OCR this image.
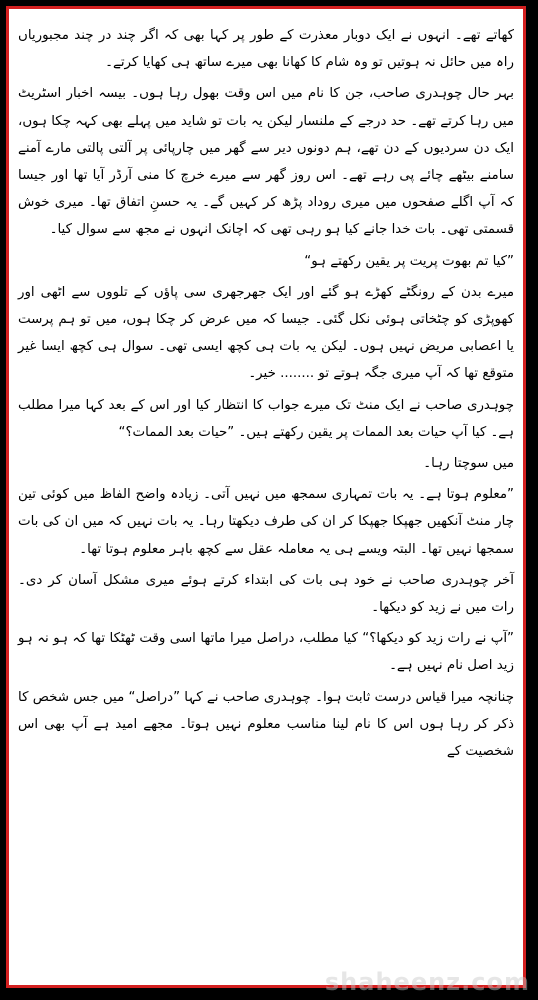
کھاتے تھے۔ انہوں نے ایک دوبار معذرت کے طور پر کہا بھی کہ اگر چند در چند مجبوریاں راہ میں حائل نہ ہوتیں تو وہ شام کا کھانا بھی میرے ساتھ ہی کھایا کرتے۔

بہر حال چوہدری صاحب، جن کا نام میں اس وقت بھول رہا ہوں۔ بیسہ اخبار اسٹریٹ میں رہا کرتے تھے۔ حد درجے کے ملنسار لیکن یہ بات تو شاید میں پہلے بھی کہہ چکا ہوں، ایک دن سردیوں کے دن تھے، ہم دونوں دیر سے گھر میں چارپائی پر آلتی پالتی مارے آمنے سامنے بیٹھے چائے پی رہے تھے۔ اس روز گھر سے میرے خرچ کا منی آرڈر آیا تھا اور جیسا کہ آپ اگلے صفحوں میں میری روداد پڑھ کر کہیں گے۔ یہ حسنِ اتفاق تھا۔ میری خوش قسمتی تھی۔ بات خدا جانے کیا ہو رہی تھی کہ اچانک انہوں نے مجھ سے سوال کیا۔

”کیا تم بھوت پریت پر یقین رکھتے ہو“

میرے بدن کے رونگٹے کھڑے ہو گئے اور ایک جھرجھری سی پاؤں کے تلووں سے اٹھی اور کھوپڑی کو چٹخاتی ہوئی نکل گئی۔ جیسا کہ میں عرض کر چکا ہوں، میں تو ہم پرست یا اعصابی مریض نہیں ہوں۔ لیکن یہ بات ہی کچھ ایسی تھی۔ سوال ہی کچھ ایسا غیر متوقع تھا کہ آپ میری جگہ ہوتے تو ........ خیر۔

چوہدری صاحب نے ایک منٹ تک میرے جواب کا انتظار کیا اور اس کے بعد کہا میرا مطلب ہے۔ کیا آپ حیات بعد الممات پر یقین رکھتے ہیں۔ ”حیات بعد الممات؟“

میں سوچتا رہا۔

”معلوم ہوتا ہے۔ یہ بات تمہاری سمجھ میں نہیں آتی۔ زیادہ واضح الفاظ میں کوئی تین چار منٹ آنکھیں جھپکا جھپکا کر ان کی طرف دیکھتا رہا۔ یہ بات نہیں کہ میں ان کی بات سمجھا نہیں تھا۔ البتہ ویسے ہی یہ معاملہ عقل سے کچھ باہر معلوم ہوتا تھا۔

آخر چوہدری صاحب نے خود ہی بات کی ابتداء کرتے ہوئے میری مشکل آسان کر دی۔ رات میں نے زید کو دیکھا۔

”آپ نے رات زید کو دیکھا؟“ کیا مطلب، دراصل میرا ماتھا اسی وقت ٹھٹکا تھا کہ ہو نہ ہو زید اصل نام نہیں ہے۔

چنانچہ میرا قیاس درست ثابت ہوا۔ چوہدری صاحب نے کہا ”دراصل“ میں جس شخص کا ذکر کر رہا ہوں اس کا نام لینا مناسب معلوم نہیں ہوتا۔ مجھے امید ہے آپ بھی اس شخصیت کے

shaheenz.com
